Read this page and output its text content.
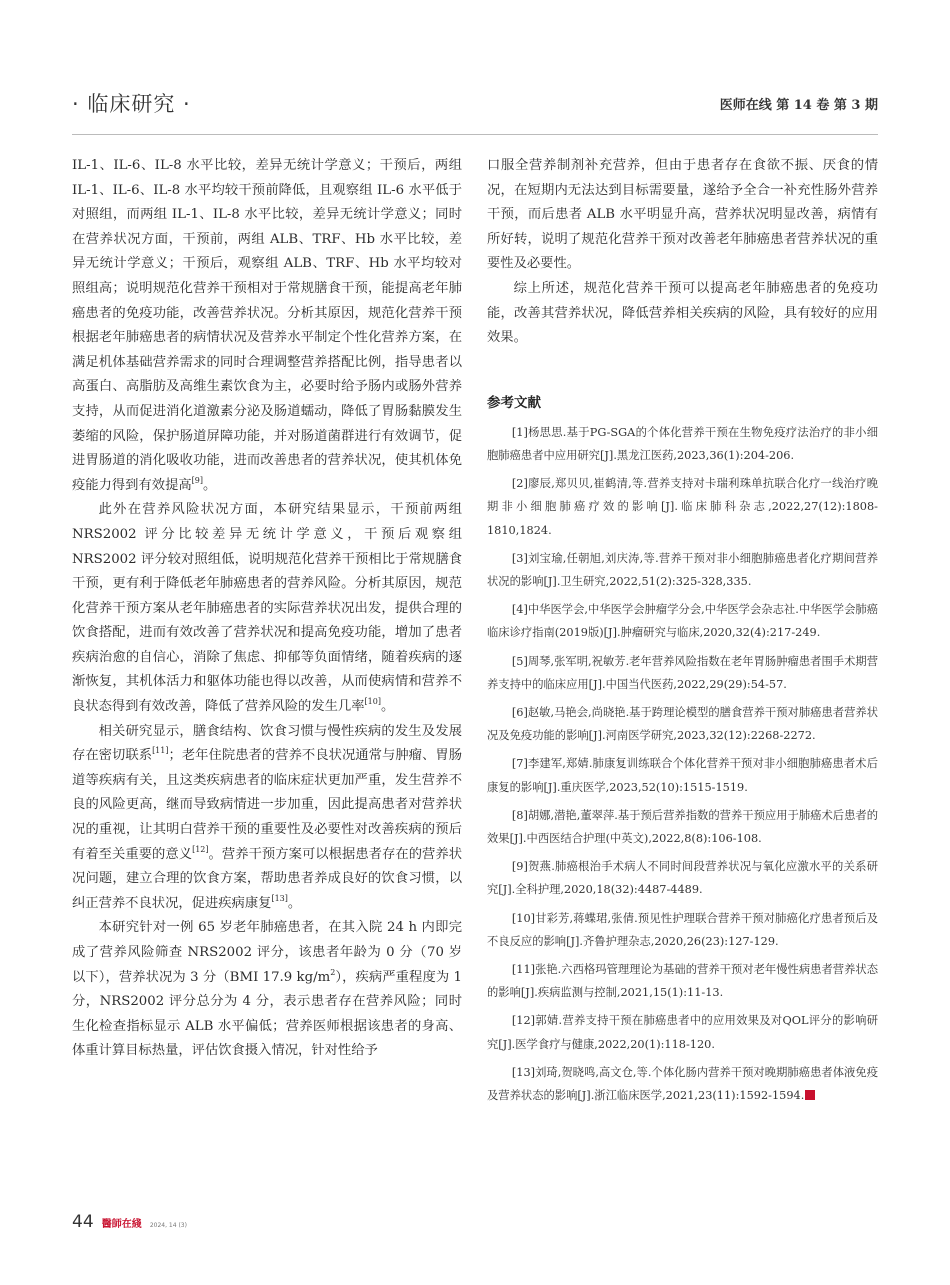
· 临床研究 ·	医师在线 第 14 卷 第 3 期

IL-1、IL-6、IL-8 水平比较，差异无统计学意义；干预后，两组 IL-1、IL-6、IL-8 水平均较干预前降低，且观察组 IL-6 水平低于对照组，而两组 IL-1、IL-8 水平比较，差异无统计学意义；同时在营养状况方面，干预前，两组 ALB、TRF、Hb 水平比较，差异无统计学意义；干预后，观察组 ALB、TRF、Hb 水平均较对照组高；说明规范化营养干预相对于常规膳食干预，能提高老年肺癌患者的免疫功能，改善营养状况。分析其原因，规范化营养干预根据老年肺癌患者的病情状况及营养水平制定个性化营养方案，在满足机体基础营养需求的同时合理调整营养搭配比例，指导患者以高蛋白、高脂肪及高维生素饮食为主，必要时给予肠内或肠外营养支持，从而促进消化道激素分泌及肠道蠕动，降低了胃肠黏膜发生萎缩的风险，保护肠道屏障功能，并对肠道菌群进行有效调节，促进胃肠道的消化吸收功能，进而改善患者的营养状况，使其机体免疫能力得到有效提高[9]。

此外在营养风险状况方面，本研究结果显示，干预前两组 NRS2002 评分比较差异无统计学意义，干预后观察组 NRS2002 评分较对照组低，说明规范化营养干预相比于常规膳食干预，更有利于降低老年肺癌患者的营养风险。分析其原因，规范化营养干预方案从老年肺癌患者的实际营养状况出发，提供合理的饮食搭配，进而有效改善了营养状况和提高免疫功能，增加了患者疾病治愈的自信心，消除了焦虑、抑郁等负面情绪，随着疾病的逐渐恢复，其机体活力和躯体功能也得以改善，从而使病情和营养不良状态得到有效改善，降低了营养风险的发生几率[10]。

相关研究显示，膳食结构、饮食习惯与慢性疾病的发生及发展存在密切联系[11]；老年住院患者的营养不良状况通常与肿瘤、胃肠道等疾病有关，且这类疾病患者的临床症状更加严重，发生营养不良的风险更高，继而导致病情进一步加重，因此提高患者对营养状况的重视，让其明白营养干预的重要性及必要性对改善疾病的预后有着至关重要的意义[12]。营养干预方案可以根据患者存在的营养状况问题，建立合理的饮食方案，帮助患者养成良好的饮食习惯，以纠正营养不良状况，促进疾病康复[13]。

本研究针对一例 65 岁老年肺癌患者，在其入院 24 h 内即完成了营养风险筛查 NRS2002 评分，该患者年龄为 0 分（70 岁以下），营养状况为 3 分（BMI 17.9 $kg/m^2$），疾病严重程度为 1 分，NRS2002 评分总分为 4 分，表示患者存在营养风险；同时生化检查指标显示 ALB 水平偏低；营养医师根据该患者的身高、体重计算目标热量，评估饮食摄入情况，针对性给予

口服全营养制剂补充营养，但由于患者存在食欲不振、厌食的情况，在短期内无法达到目标需要量，遂给予全合一补充性肠外营养干预，而后患者 ALB 水平明显升高，营养状况明显改善，病情有所好转，说明了规范化营养干预对改善老年肺癌患者营养状况的重要性及必要性。

综上所述，规范化营养干预可以提高老年肺癌患者的免疫功能，改善其营养状况，降低营养相关疾病的风险，具有较好的应用效果。

参考文献

[1]杨思思.基于PG-SGA的个体化营养干预在生物免疫疗法治疗的非小细胞肺癌患者中应用研究[J].黑龙江医药,2023,36(1):204-206.

[2]廖辰,郑贝贝,崔鹤清,等.营养支持对卡瑞利珠单抗联合化疗一线治疗晚期非小细胞肺癌疗效的影响[J].临床肺科杂志,2022,27(12):1808-1810,1824.

[3]刘宝瑜,任朝旭,刘庆涛,等.营养干预对非小细胞肺癌患者化疗期间营养状况的影响[J].卫生研究,2022,51(2):325-328,335.

[4]中华医学会,中华医学会肿瘤学分会,中华医学会杂志社.中华医学会肺癌临床诊疗指南(2019版)[J].肿瘤研究与临床,2020,32(4):217-249.

[5]周琴,张军明,祝敏芳.老年营养风险指数在老年胃肠肿瘤患者围手术期营养支持中的临床应用[J].中国当代医药,2022,29(29):54-57.

[6]赵敏,马艳会,尚晓艳.基于跨理论模型的膳食营养干预对肺癌患者营养状况及免疫功能的影响[J].河南医学研究,2023,32(12):2268-2272.

[7]李建军,郑婧.肺康复训练联合个体化营养干预对非小细胞肺癌患者术后康复的影响[J].重庆医学,2023,52(10):1515-1519.

[8]胡娜,潜艳,董翠萍.基于预后营养指数的营养干预应用于肺癌术后患者的效果[J].中西医结合护理(中英文),2022,8(8):106-108.

[9]贺燕.肺癌根治手术病人不同时间段营养状况与氧化应激水平的关系研究[J].全科护理,2020,18(32):4487-4489.

[10]甘彩芳,蒋蝶珺,张倩.预见性护理联合营养干预对肺癌化疗患者预后及不良反应的影响[J].齐鲁护理杂志,2020,26(23):127-129.

[11]张艳.六西格玛管理理论为基础的营养干预对老年慢性病患者营养状态的影响[J].疾病监测与控制,2021,15(1):11-13.

[12]郭婧.营养支持干预在肺癌患者中的应用效果及对QOL评分的影响研究[J].医学食疗与健康,2022,20(1):118-120.

[13]刘琦,贺晓鸣,高文仓,等.个体化肠内营养干预对晚期肺癌患者体液免疫及营养状态的影响[J].浙江临床医学,2021,23(11):1592-1594.

44 醫師在綫 2024, 14 (3)
